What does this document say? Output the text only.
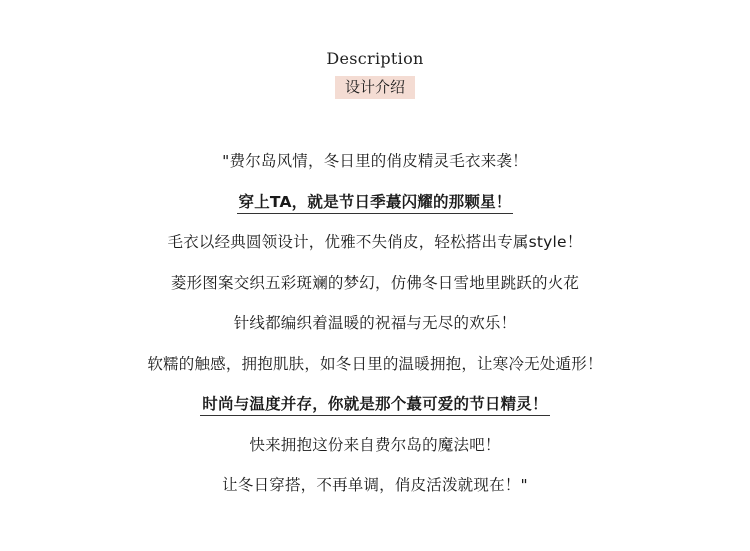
Description
设计介绍
"费尔岛风情，冬日里的俏皮精灵毛衣来袭！
穿上TA，就是节日季蕞闪耀的那颗星！
毛衣以经典圆领设计，优雅不失俏皮，轻松搭出专属style！
菱形图案交织五彩斑斓的梦幻，仿佛冬日雪地里跳跃的火花
针线都编织着温暖的祝福与无尽的欢乐！
软糯的触感，拥抱肌肤，如冬日里的温暖拥抱，让寒冷无处遁形！
时尚与温度并存，你就是那个蕞可爱的节日精灵！
快来拥抱这份来自费尔岛的魔法吧！
让冬日穿搭，不再单调，俏皮活泼就现在！"
